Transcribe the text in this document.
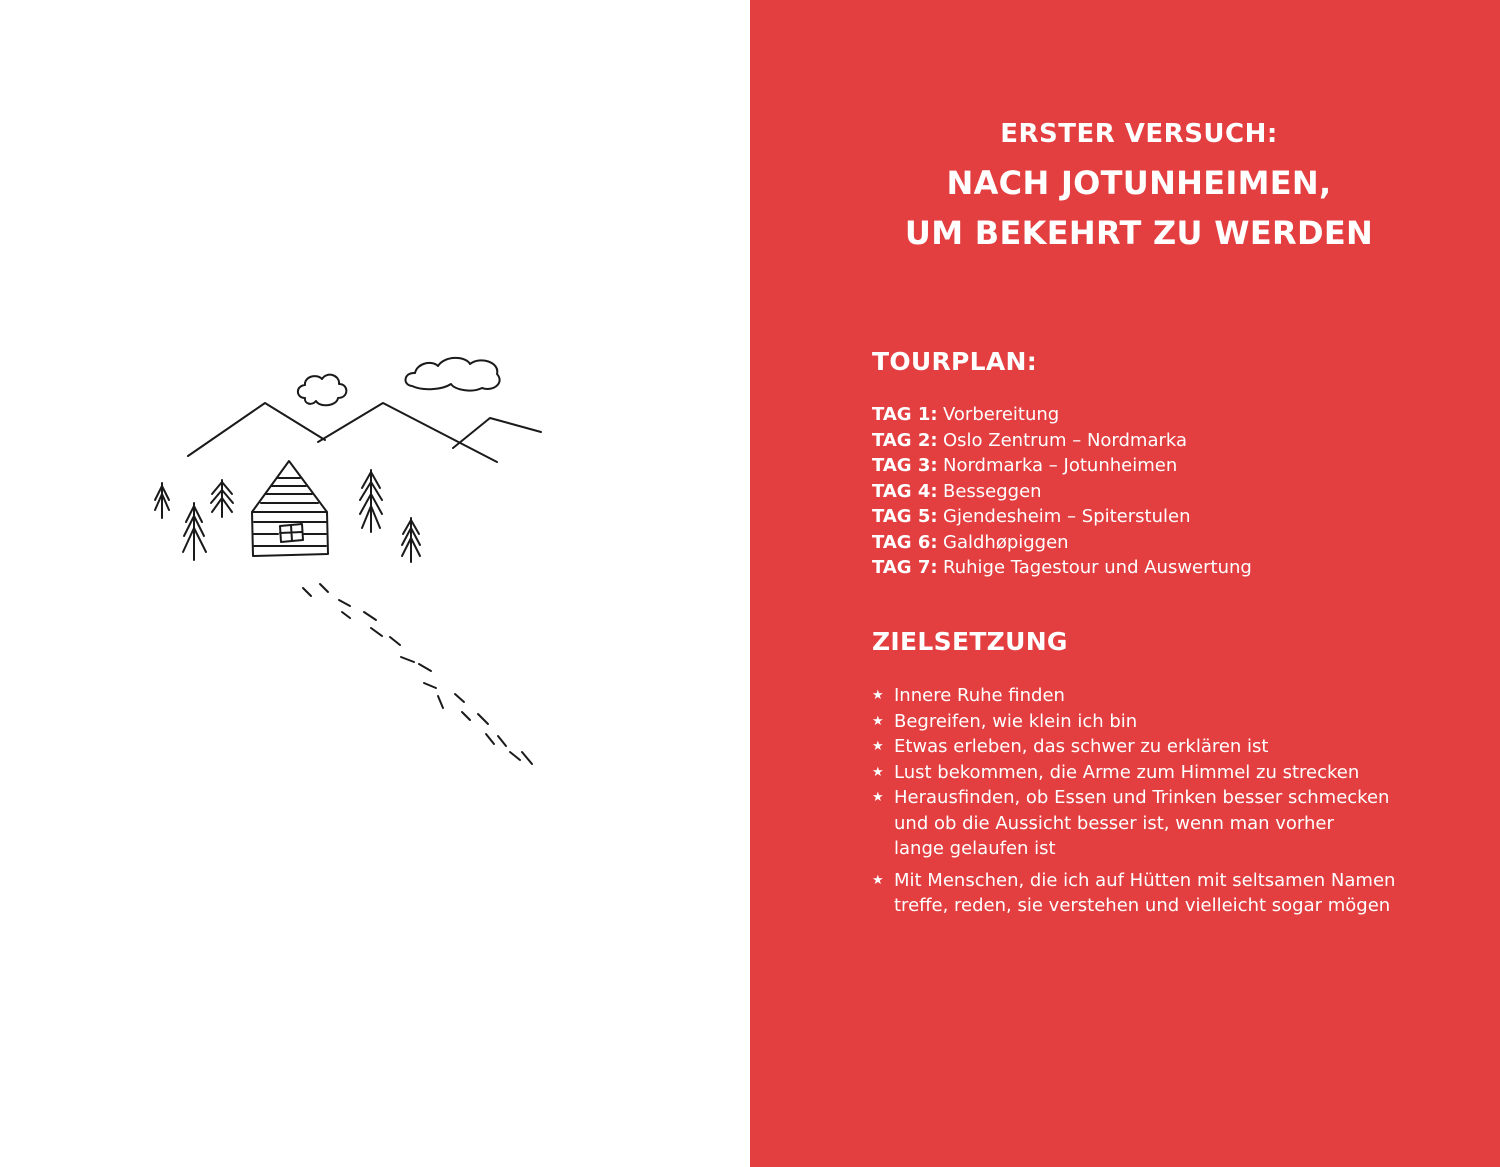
ERSTER VERSUCH:
NACH JOTUNHEIMEN,
UM BEKEHRT ZU WERDEN
TOURPLAN:
TAG 1: Vorbereitung
TAG 2: Oslo Zentrum – Nordmarka
TAG 3: Nordmarka – Jotunheimen
TAG 4: Besseggen
TAG 5: Gjendesheim – Spiterstulen
TAG 6: Galdhøpiggen
TAG 7: Ruhige Tagestour und Auswertung
ZIELSETZUNG
★ Innere Ruhe finden
★ Begreifen, wie klein ich bin
★ Etwas erleben, das schwer zu erklären ist
★ Lust bekommen, die Arme zum Himmel zu strecken
★ Herausfinden, ob Essen und Trinken besser schmecken
und ob die Aussicht besser ist, wenn man vorher
lange gelaufen ist
★ Mit Menschen, die ich auf Hütten mit seltsamen Namen
treffe, reden, sie verstehen und vielleicht sogar mögen
